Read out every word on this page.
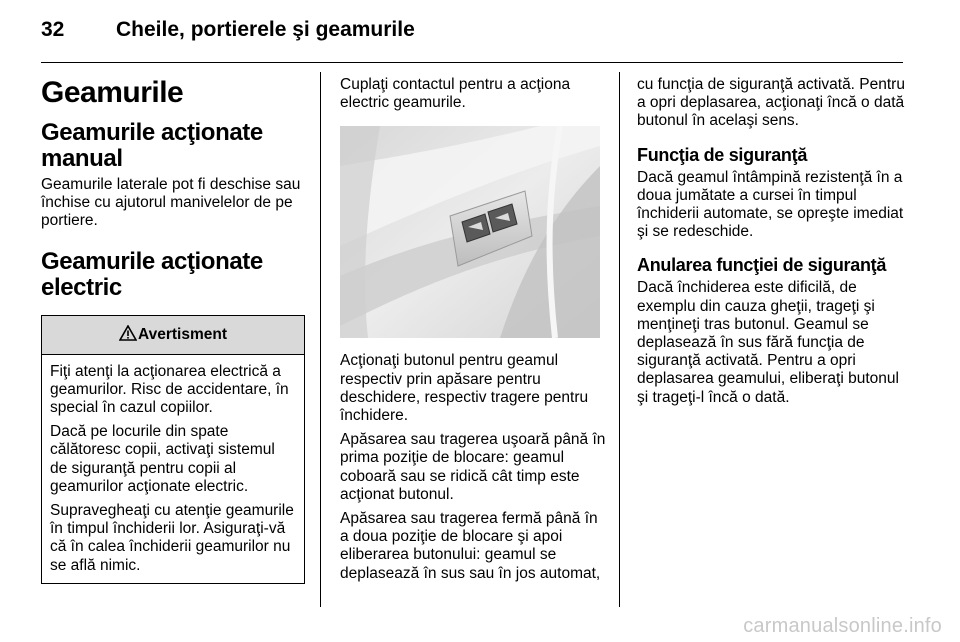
32 Cheile, portierele şi geamurile
Geamurile
Geamurile acţionate manual

Geamurile laterale pot fi deschise sau închise cu ajutorul manivelelor de pe portiere.

Geamurile acţionate electric
Avertisment

Fiţi atenţi la acţionarea electrică a geamurilor. Risc de accidentare, în special în cazul copiilor.

Dacă pe locurile din spate călătoresc copii, activaţi sistemul de siguranţă pentru copii al geamurilor acţionate electric.

Supravegheaţi cu atenţie geamurile în timpul închiderii lor. Asiguraţi-vă că în calea închiderii geamurilor nu se află nimic.

Cuplaţi contactul pentru a acţiona electric geamurile.

Acţionaţi butonul pentru geamul respectiv prin apăsare pentru deschidere, respectiv tragere pentru închidere.

Apăsarea sau tragerea uşoară până în prima poziţie de blocare: geamul coboară sau se ridică cât timp este acţionat butonul.

Apăsarea sau tragerea fermă până în a doua poziţie de blocare şi apoi eliberarea butonului: geamul se deplasează în sus sau în jos automat,

cu funcţia de siguranţă activată. Pentru a opri deplasarea, acţionaţi încă o dată butonul în acelaşi sens.

Funcţia de siguranţă

Dacă geamul întâmpină rezistenţă în a doua jumătate a cursei în timpul închiderii automate, se opreşte imediat şi se redeschide.

Anularea funcţiei de siguranţă

Dacă închiderea este dificilă, de exemplu din cauza gheţii, trageţi şi menţineţi tras butonul. Geamul se deplasează în sus fără funcţia de siguranţă activată. Pentru a opri deplasarea geamului, eliberaţi butonul şi trageţi-l încă o dată.

carmanualsonline.info
